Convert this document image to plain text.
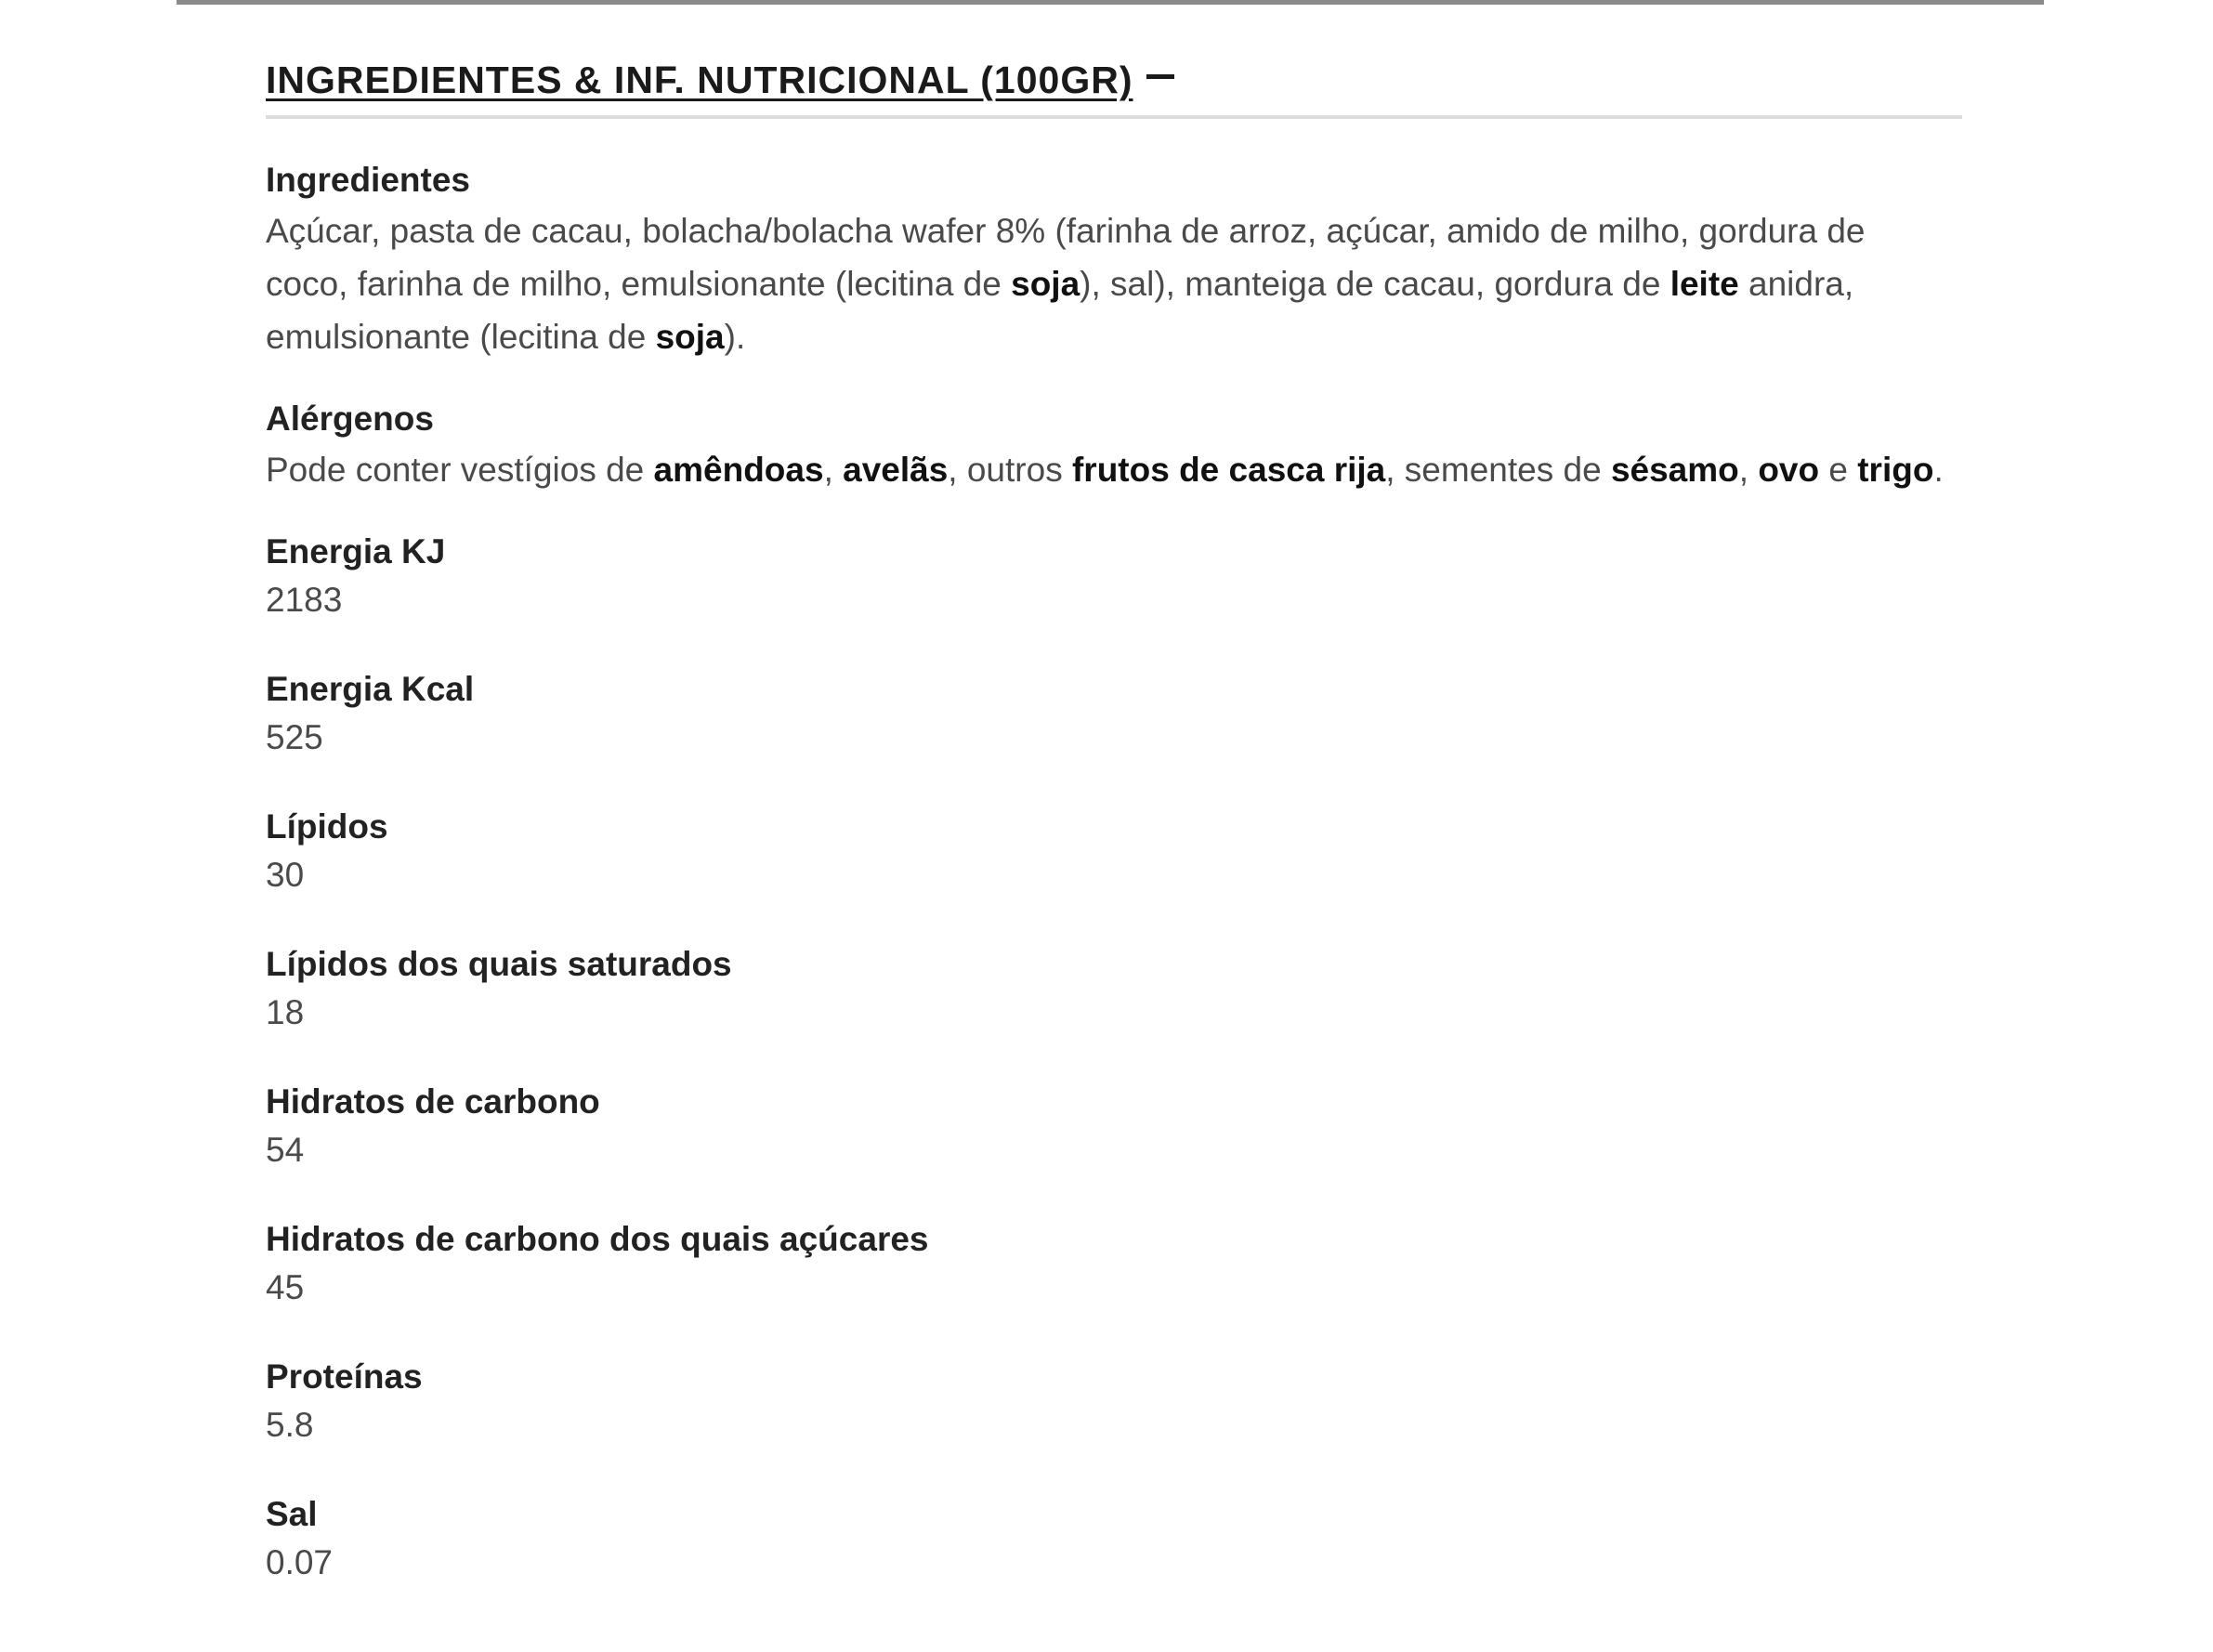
INGREDIENTES & INF. NUTRICIONAL (100GR)
Ingredientes
Açúcar, pasta de cacau, bolacha/bolacha wafer 8% (farinha de arroz, açúcar, amido de milho, gordura de coco, farinha de milho, emulsionante (lecitina de soja), sal), manteiga de cacau, gordura de leite anidra, emulsionante (lecitina de soja).
Alérgenos
Pode conter vestígios de amêndoas, avelãs, outros frutos de casca rija, sementes de sésamo, ovo e trigo.
Energia KJ
2183
Energia Kcal
525
Lípidos
30
Lípidos dos quais saturados
18
Hidratos de carbono
54
Hidratos de carbono dos quais açúcares
45
Proteínas
5.8
Sal
0.07
